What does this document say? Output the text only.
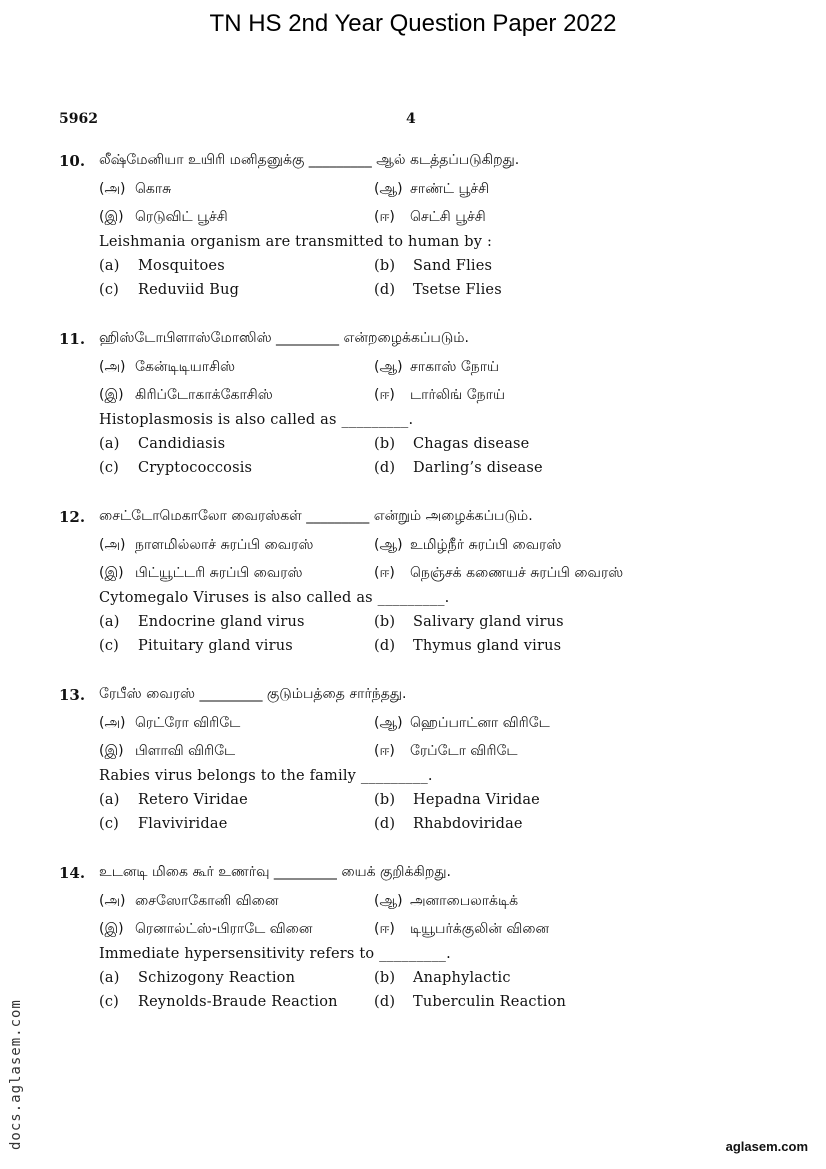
TN HS 2nd Year Question Paper 2022
5962	4
10. லீஷ்மேனியா உயிரி மனிதனுக்கு _________ ஆல் கடத்தப்படுகிறது.
(அ) கொசு	(ஆ) சாண்ட் பூச்சி
(இ) ரெடுவிட் பூச்சி	(ஈ) செட்சி பூச்சி
Leishmania organism are transmitted to human by :
(a) Mosquitoes	(b) Sand Flies
(c) Reduviid Bug	(d) Tsetse Flies
11. ஹிஸ்டோபிளாஸ்மோஸிஸ் _________ என்றழைக்கப்படும்.
(அ) கேன்டிடியாசிஸ்	(ஆ) சாகாஸ் நோய்
(இ) கிரிப்டோகாக்கோசிஸ்	(ஈ) டார்லிங் நோய்
Histoplasmosis is also called as _________.
(a) Candidiasis	(b) Chagas disease
(c) Cryptococcosis	(d) Darling’s disease
12. சைட்டோமெகாலோ வைரஸ்கள் _________ என்றும் அழைக்கப்படும்.
(அ) நாளமில்லாச் சுரப்பி வைரஸ்	(ஆ) உமிழ்நீர் சுரப்பி வைரஸ்
(இ) பிட்யூட்டரி சுரப்பி வைரஸ்	(ஈ) நெஞ்சக் கணையச் சுரப்பி வைரஸ்
Cytomegalo Viruses is also called as _________.
(a) Endocrine gland virus	(b) Salivary gland virus
(c) Pituitary gland virus	(d) Thymus gland virus
13. ரேபீஸ் வைரஸ் _________ குடும்பத்தை சார்ந்தது.
(அ) ரெட்ரோ விரிடே	(ஆ) ஹெப்பாட்னா விரிடே
(இ) பிளாவி விரிடே	(ஈ) ரேப்டோ விரிடே
Rabies virus belongs to the family _________.
(a) Retero Viridae	(b) Hepadna Viridae
(c) Flaviviridae	(d) Rhabdoviridae
14. உடனடி மிகை கூர் உணர்வு _________ யைக் குறிக்கிறது.
(அ) சைஸோகோனி வினை	(ஆ) அனாபைலாக்டிக்
(இ) ரெனால்ட்ஸ்-பிராடே வினை	(ஈ) டியூபர்க்குலின் வினை
Immediate hypersensitivity refers to _________.
(a) Schizogony Reaction	(b) Anaphylactic
(c) Reynolds-Braude Reaction	(d) Tuberculin Reaction
docs.aglasem.com	aglasem.com
